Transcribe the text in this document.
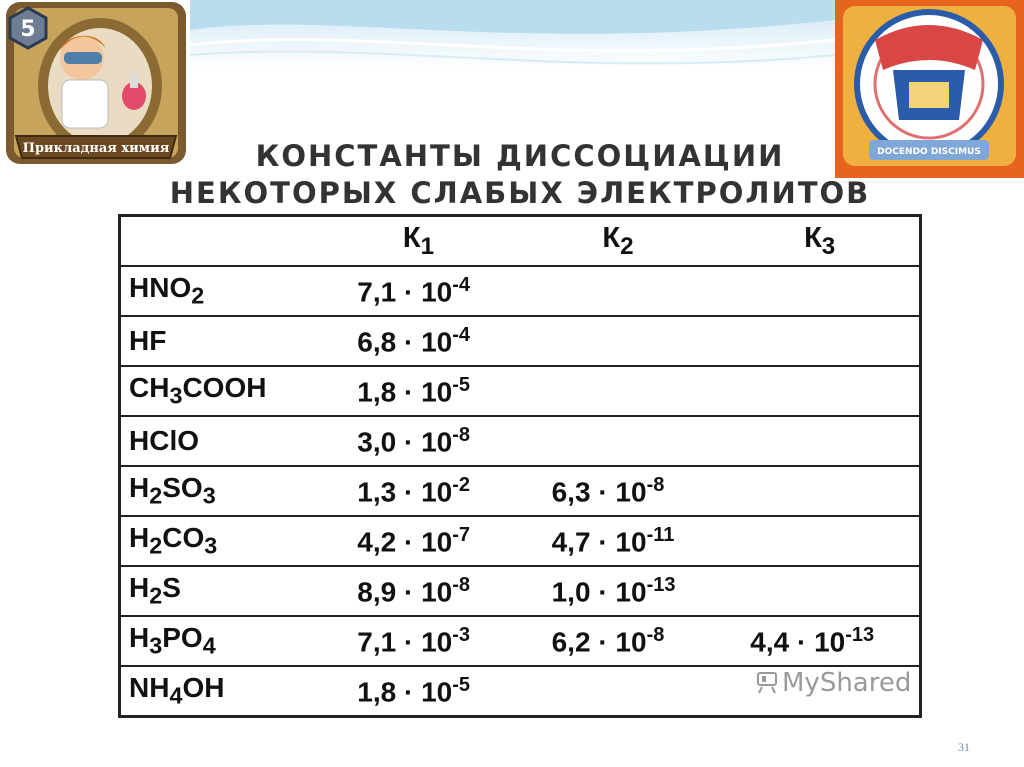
5
Прикладная химия	DOCENDO DISCIMUS
КОНСТАНТЫ ДИССОЦИАЦИИ
НЕКОТОРЫХ СЛАБЫХ ЭЛЕКТРОЛИТОВ
	$К_1$	$К_2$	$К_3$
$HNO_2$	$7,1 \cdot 10^{-4}$		
HF	$6,8 \cdot 10^{-4}$		
$CH_3COOH$	$1,8 \cdot 10^{-5}$		
HClO	$3,0 \cdot 10^{-8}$		
$H_2SO_3$	$1,3 \cdot 10^{-2}$	$6,3 \cdot 10^{-8}$	
$H_2CO_3$	$4,2 \cdot 10^{-7}$	$4,7 \cdot 10^{-11}$	
$H_2S$	$8,9 \cdot 10^{-8}$	$1,0 \cdot 10^{-13}$	
$H_3PO_4$	$7,1 \cdot 10^{-3}$	$6,2 \cdot 10^{-8}$	$4,4 \cdot 10^{-13}$
$NH_4OH$	$1,8 \cdot 10^{-5}$			MyShared
31
